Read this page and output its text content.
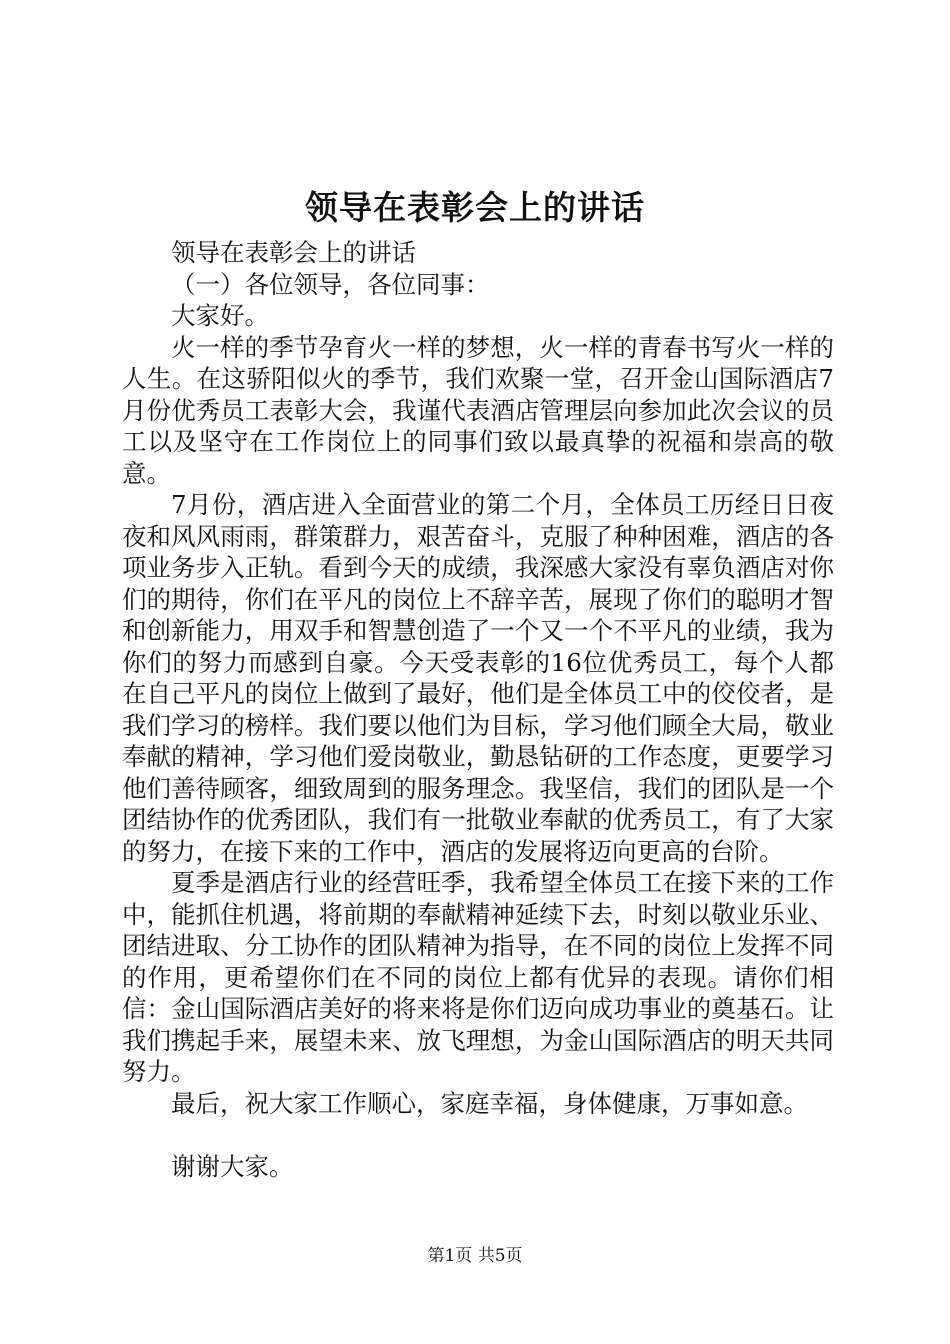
领导在表彰会上的讲话

领导在表彰会上的讲话

（一）各位领导，各位同事：

大家好。

火一样的季节孕育火一样的梦想，火一样的青春书写火一样的人生。在这骄阳似火的季节，我们欢聚一堂，召开金山国际酒店7月份优秀员工表彰大会，我谨代表酒店管理层向参加此次会议的员工以及坚守在工作岗位上的同事们致以最真挚的祝福和崇高的敬意。

7月份，酒店进入全面营业的第二个月，全体员工历经日日夜夜和风风雨雨，群策群力，艰苦奋斗，克服了种种困难，酒店的各项业务步入正轨。看到今天的成绩，我深感大家没有辜负酒店对你们的期待，你们在平凡的岗位上不辞辛苦，展现了你们的聪明才智和创新能力，用双手和智慧创造了一个又一个不平凡的业绩，我为你们的努力而感到自豪。今天受表彰的16位优秀员工，每个人都在自己平凡的岗位上做到了最好，他们是全体员工中的佼佼者，是我们学习的榜样。我们要以他们为目标，学习他们顾全大局，敬业奉献的精神，学习他们爱岗敬业，勤恳钻研的工作态度，更要学习他们善待顾客，细致周到的服务理念。我坚信，我们的团队是一个团结协作的优秀团队，我们有一批敬业奉献的优秀员工，有了大家的努力，在接下来的工作中，酒店的发展将迈向更高的台阶。

夏季是酒店行业的经营旺季，我希望全体员工在接下来的工作中，能抓住机遇，将前期的奉献精神延续下去，时刻以敬业乐业、团结进取、分工协作的团队精神为指导，在不同的岗位上发挥不同的作用，更希望你们在不同的岗位上都有优异的表现。请你们相信：金山国际酒店美好的将来将是你们迈向成功事业的奠基石。让我们携起手来，展望未来、放飞理想，为金山国际酒店的明天共同努力。

最后，祝大家工作顺心，家庭幸福，身体健康，万事如意。

谢谢大家。

第1页 共5页
